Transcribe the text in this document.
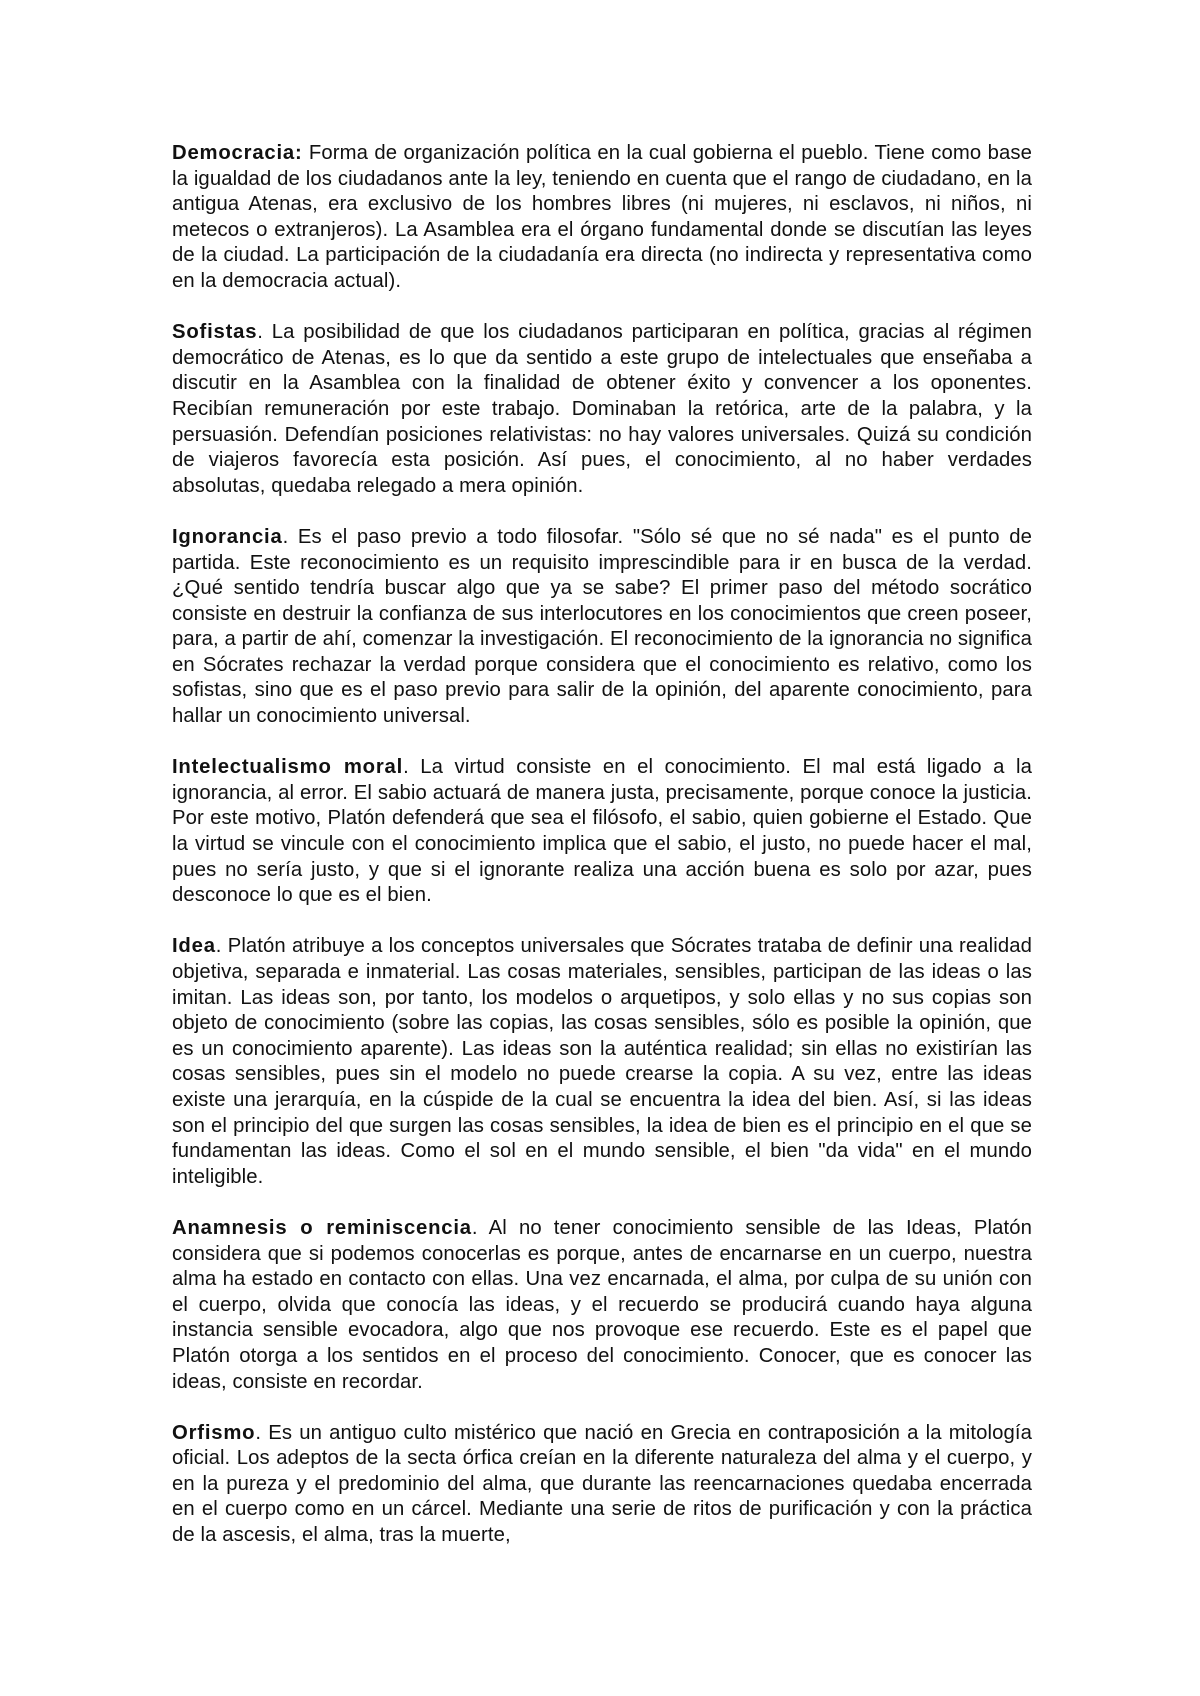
Democracia: Forma de organización política en la cual gobierna el pueblo. Tiene como base la igualdad de los ciudadanos ante la ley, teniendo en cuenta que el rango de ciudadano, en la antigua Atenas, era exclusivo de los hombres libres (ni mujeres, ni esclavos, ni niños, ni metecos o extranjeros). La Asamblea era el órgano fundamental donde se discutían las leyes de la ciudad. La participación de la ciudadanía era directa (no indirecta y representativa como en la democracia actual).

Sofistas. La posibilidad de que los ciudadanos participaran en política, gracias al régimen democrático de Atenas, es lo que da sentido a este grupo de intelectuales que enseñaba a discutir en la Asamblea con la finalidad de obtener éxito y convencer a los oponentes. Recibían remuneración por este trabajo. Dominaban la retórica, arte de la palabra, y la persuasión. Defendían posiciones relativistas: no hay valores universales. Quizá su condición de viajeros favorecía esta posición. Así pues, el conocimiento, al no haber verdades absolutas, quedaba relegado a mera opinión.

Ignorancia. Es el paso previo a todo filosofar. "Sólo sé que no sé nada" es el punto de partida. Este reconocimiento es un requisito imprescindible para ir en busca de la verdad. ¿Qué sentido tendría buscar algo que ya se sabe? El primer paso del método socrático consiste en destruir la confianza de sus interlocutores en los conocimientos que creen poseer, para, a partir de ahí, comenzar la investigación. El reconocimiento de la ignorancia no significa en Sócrates rechazar la verdad porque considera que el conocimiento es relativo, como los sofistas, sino que es el paso previo para salir de la opinión, del aparente conocimiento, para hallar un conocimiento universal.

Intelectualismo moral. La virtud consiste en el conocimiento. El mal está ligado a la ignorancia, al error. El sabio actuará de manera justa, precisamente, porque conoce la justicia. Por este motivo, Platón defenderá que sea el filósofo, el sabio, quien gobierne el Estado. Que la virtud se vincule con el conocimiento implica que el sabio, el justo, no puede hacer el mal, pues no sería justo, y que si el ignorante realiza una acción buena es solo por azar, pues desconoce lo que es el bien.

Idea. Platón atribuye a los conceptos universales que Sócrates trataba de definir una realidad objetiva, separada e inmaterial. Las cosas materiales, sensibles, participan de las ideas o las imitan. Las ideas son, por tanto, los modelos o arquetipos, y solo ellas y no sus copias son objeto de conocimiento (sobre las copias, las cosas sensibles, sólo es posible la opinión, que es un conocimiento aparente). Las ideas son la auténtica realidad; sin ellas no existirían las cosas sensibles, pues sin el modelo no puede crearse la copia. A su vez, entre las ideas existe una jerarquía, en la cúspide de la cual se encuentra la idea del bien. Así, si las ideas son el principio del que surgen las cosas sensibles, la idea de bien es el principio en el que se fundamentan las ideas. Como el sol en el mundo sensible, el bien "da vida" en el mundo inteligible.

Anamnesis o reminiscencia. Al no tener conocimiento sensible de las Ideas, Platón considera que si podemos conocerlas es porque, antes de encarnarse en un cuerpo, nuestra alma ha estado en contacto con ellas. Una vez encarnada, el alma, por culpa de su unión con el cuerpo, olvida que conocía las ideas, y el recuerdo se producirá cuando haya alguna instancia sensible evocadora, algo que nos provoque ese recuerdo. Este es el papel que Platón otorga a los sentidos en el proceso del conocimiento. Conocer, que es conocer las ideas, consiste en recordar.

Orfismo. Es un antiguo culto mistérico que nació en Grecia en contraposición a la mitología oficial. Los adeptos de la secta órfica creían en la diferente naturaleza del alma y el cuerpo, y en la pureza y el predominio del alma, que durante las reencarnaciones quedaba encerrada en el cuerpo como en un cárcel. Mediante una serie de ritos de purificación y con la práctica de la ascesis, el alma, tras la muerte,
